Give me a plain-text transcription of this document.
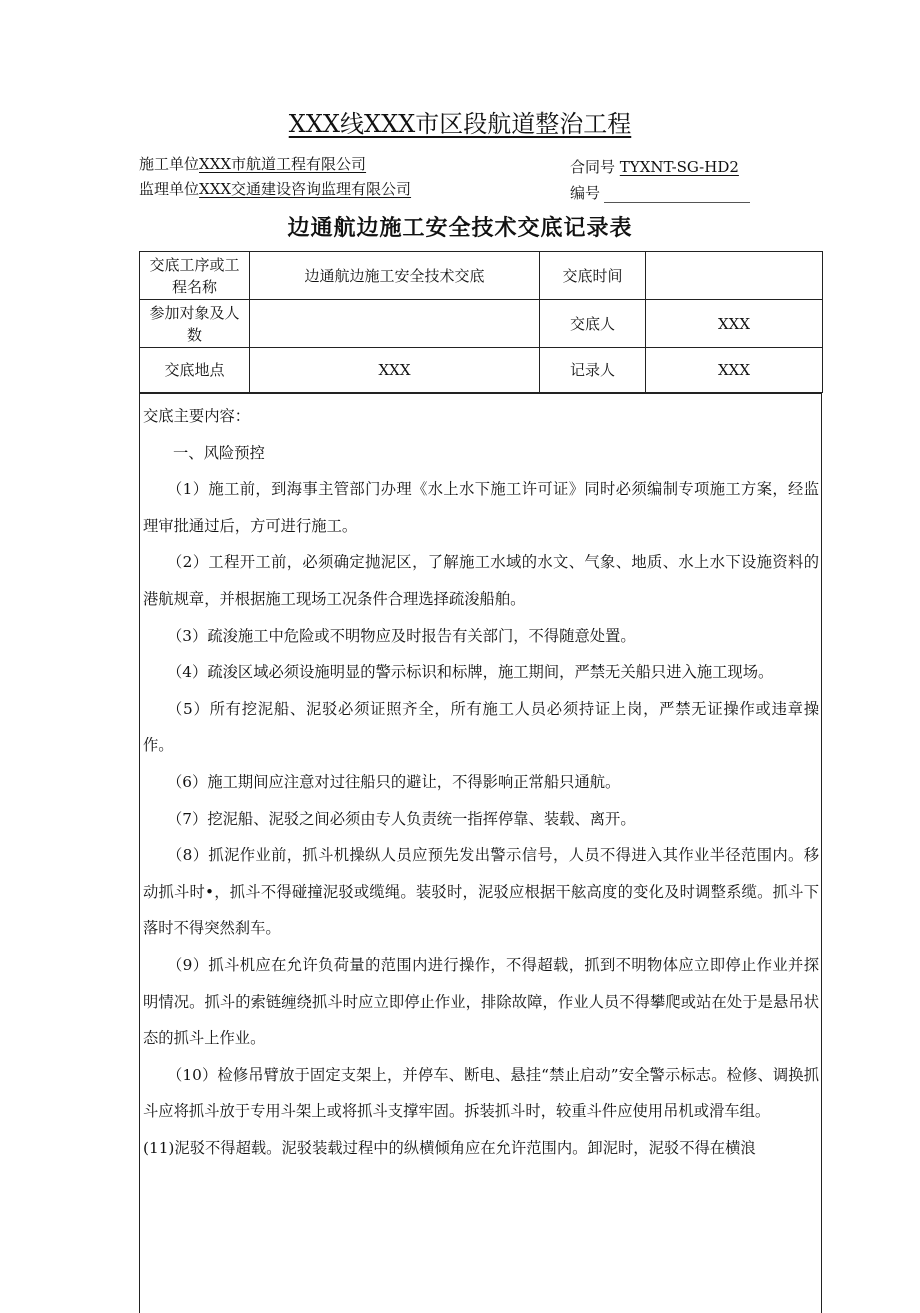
XXX线XXX市区段航道整治工程
施工单位XXX市航道工程有限公司
监理单位XXX交通建设咨询监理有限公司
合同号 TYXNT-SG-HD2
编号
边通航边施工安全技术交底记录表
交底工序或工程名称	边通航边施工安全技术交底	交底时间	
参加对象及人数		交底人	XXX
交底地点	XXX	记录人	XXX

交底主要内容：

一、风险预控

（1）施工前，到海事主管部门办理《水上水下施工许可证》同时必须编制专项施工方案，经监理审批通过后，方可进行施工。

（2）工程开工前，必须确定抛泥区，了解施工水域的水文、气象、地质、水上水下设施资料的港航规章，并根据施工现场工况条件合理选择疏浚船舶。

（3）疏浚施工中危险或不明物应及时报告有关部门，不得随意处置。

（4）疏浚区域必须设施明显的警示标识和标牌，施工期间，严禁无关船只进入施工现场。

（5）所有挖泥船、泥驳必须证照齐全，所有施工人员必须持证上岗，严禁无证操作或违章操作。

（6）施工期间应注意对过往船只的避让，不得影响正常船只通航。

（7）挖泥船、泥驳之间必须由专人负责统一指挥停靠、装载、离开。

（8）抓泥作业前，抓斗机操纵人员应预先发出警示信号，人员不得进入其作业半径范围内。移动抓斗时•，抓斗不得碰撞泥驳或缆绳。装驳时，泥驳应根据干舷高度的变化及时调整系缆。抓斗下落时不得突然刹车。

（9）抓斗机应在允许负荷量的范围内进行操作，不得超载，抓到不明物体应立即停止作业并探明情况。抓斗的索链缠绕抓斗时应立即停止作业，排除故障，作业人员不得攀爬或站在处于是悬吊状态的抓斗上作业。

（10）检修吊臂放于固定支架上，并停车、断电、悬挂“禁止启动”安全警示标志。检修、调换抓斗应将抓斗放于专用斗架上或将抓斗支撑牢固。拆装抓斗时，较重斗件应使用吊机或滑车组。

(11)泥驳不得超载。泥驳装载过程中的纵横倾角应在允许范围内。卸泥时，泥驳不得在横浪
